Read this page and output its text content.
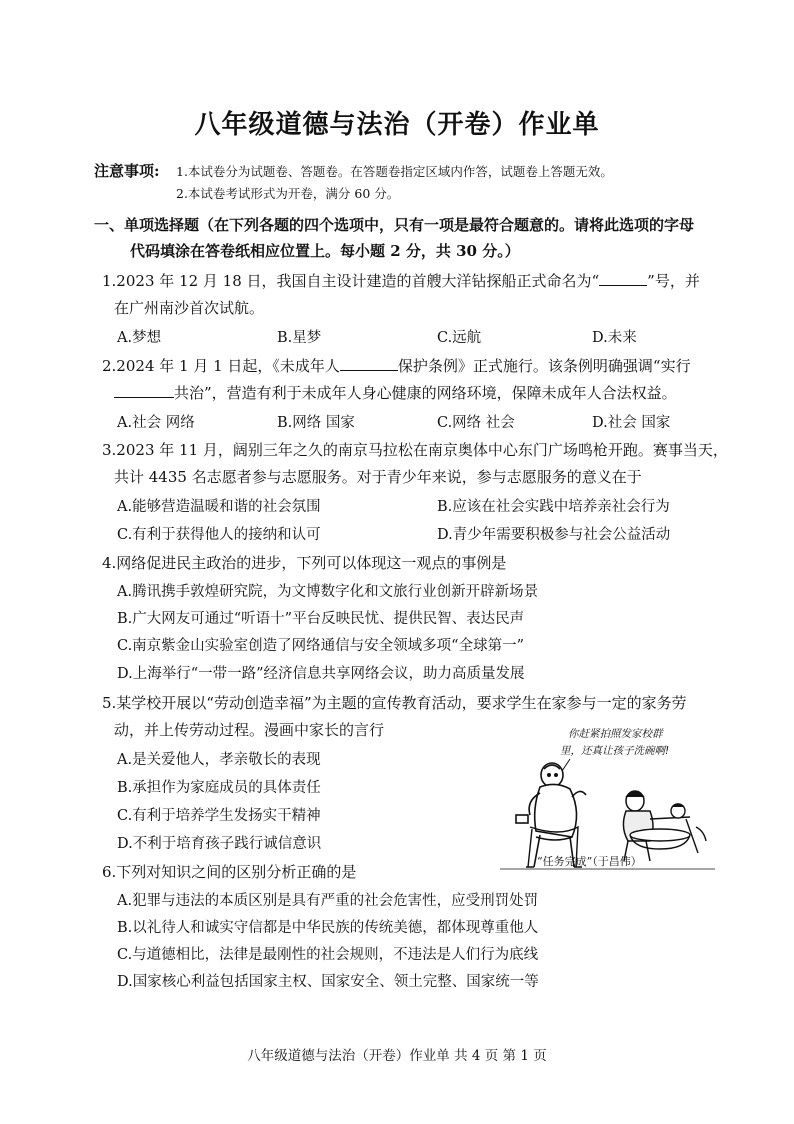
八年级道德与法治（开卷）作业单
注意事项: 1.本试卷分为试题卷、答题卷。在答题卷指定区域内作答，试题卷上答题无效。
2.本试卷考试形式为开卷，满分 60 分。
一、单项选择题（在下列各题的四个选项中，只有一项是最符合题意的。请将此选项的字母
代码填涂在答卷纸相应位置上。每小题 2 分，共 30 分。）
1.2023 年 12 月 18 日，我国自主设计建造的首艘大洋钻探船正式命名为“	”号，并
在广州南沙首次试航。
A.梦想	B.星梦	C.远航	D.未来
2.2024 年 1 月 1 日起，《未成年人	保护条例》正式施行。该条例明确强调“实行
共治”，营造有利于未成年人身心健康的网络环境，保障未成年人合法权益。
A.社会 网络	B.网络 国家	C.网络 社会	D.社会 国家
3.2023 年 11 月，阔别三年之久的南京马拉松在南京奥体中心东门广场鸣枪开跑。赛事当天，
共计 4435 名志愿者参与志愿服务。对于青少年来说，参与志愿服务的意义在于
A.能够营造温暖和谐的社会氛围	B.应该在社会实践中培养亲社会行为
C.有利于获得他人的接纳和认可	D.青少年需要积极参与社会公益活动
4.网络促进民主政治的进步，下列可以体现这一观点的事例是
A.腾讯携手敦煌研究院，为文博数字化和文旅行业创新开辟新场景
B.广大网友可通过“听语十”平台反映民忧、提供民智、表达民声
C.南京紫金山实验室创造了网络通信与安全领域多项“全球第一”
D.上海举行“一带一路”经济信息共享网络会议，助力高质量发展
5.某学校开展以“劳动创造幸福”为主题的宣传教育活动，要求学生在家参与一定的家务劳
动，并上传劳动过程。漫画中家长的言行
A.是关爱他人，孝亲敬长的表现
B.承担作为家庭成员的具体责任
C.有利于培养学生发扬实干精神
D.不利于培育孩子践行诚信意识
你赶紧拍照发家校群
里，还真让孩子洗碗啊!
“任务完成”（于昌伟）
6.下列对知识之间的区别分析正确的是
A.犯罪与违法的本质区别是具有严重的社会危害性，应受刑罚处罚
B.以礼待人和诚实守信都是中华民族的传统美德，都体现尊重他人
C.与道德相比，法律是最刚性的社会规则，不违法是人们行为底线
D.国家核心利益包括国家主权、国家安全、领土完整、国家统一等
八年级道德与法治（开卷）作业单 共 4 页 第 1 页
